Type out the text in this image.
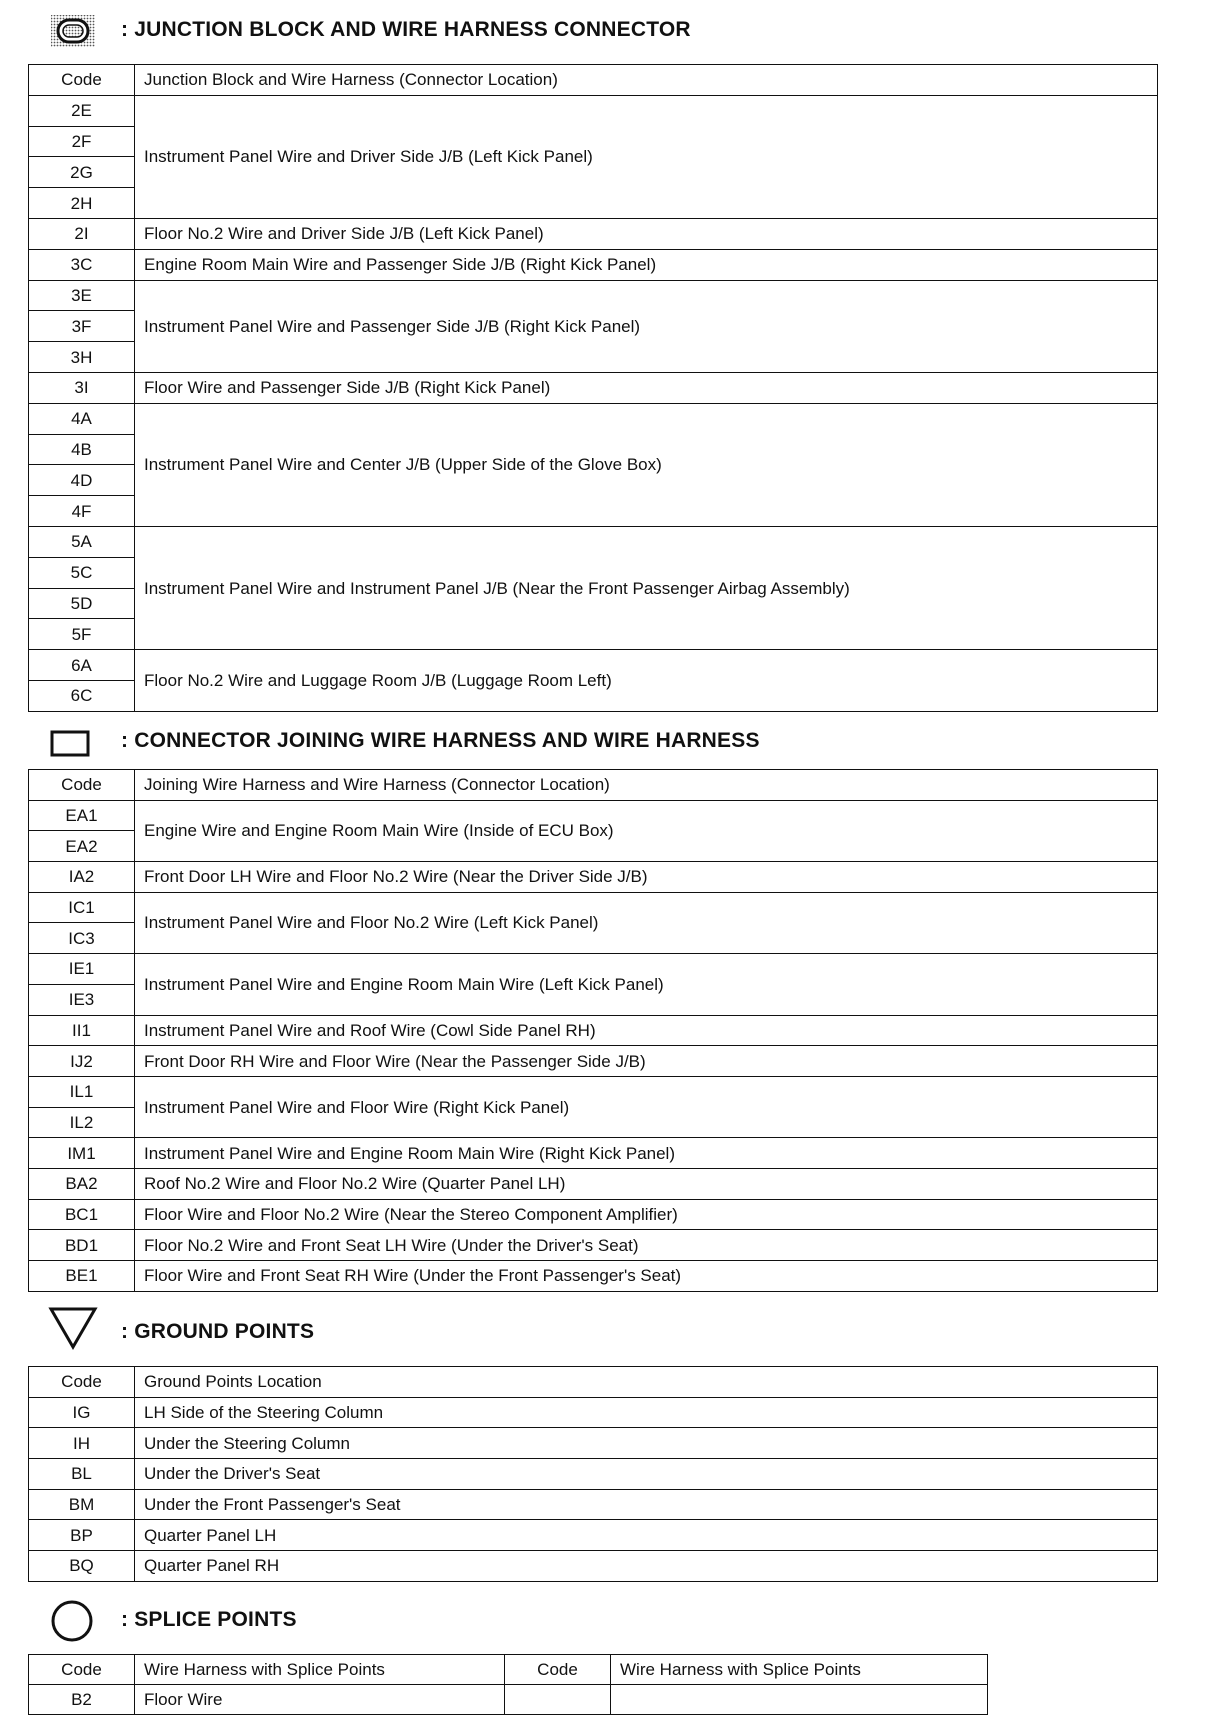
: JUNCTION BLOCK AND WIRE HARNESS CONNECTOR
Code	Junction Block and Wire Harness (Connector Location)
2E	Instrument Panel Wire and Driver Side J/B (Left Kick Panel)
2F	
2G	
2H	
2I	Floor No.2 Wire and Driver Side J/B (Left Kick Panel)
3C	Engine Room Main Wire and Passenger Side J/B (Right Kick Panel)
3E	Instrument Panel Wire and Passenger Side J/B (Right Kick Panel)
3F	
3H	
3I	Floor Wire and Passenger Side J/B (Right Kick Panel)
4A	Instrument Panel Wire and Center J/B (Upper Side of the Glove Box)
4B	
4D	
4F	
5A	Instrument Panel Wire and Instrument Panel J/B (Near the Front Passenger Airbag Assembly)
5C	
5D	
5F	
6A	Floor No.2 Wire and Luggage Room J/B (Luggage Room Left)
6C	
: CONNECTOR JOINING WIRE HARNESS AND WIRE HARNESS
Code	Joining Wire Harness and Wire Harness (Connector Location)
EA1	Engine Wire and Engine Room Main Wire (Inside of ECU Box)
EA2	
IA2	Front Door LH Wire and Floor No.2 Wire (Near the Driver Side J/B)
IC1	Instrument Panel Wire and Floor No.2 Wire (Left Kick Panel)
IC3	
IE1	Instrument Panel Wire and Engine Room Main Wire (Left Kick Panel)
IE3	
II1	Instrument Panel Wire and Roof Wire (Cowl Side Panel RH)
IJ2	Front Door RH Wire and Floor Wire (Near the Passenger Side J/B)
IL1	Instrument Panel Wire and Floor Wire (Right Kick Panel)
IL2	
IM1	Instrument Panel Wire and Engine Room Main Wire (Right Kick Panel)
BA2	Roof No.2 Wire and Floor No.2 Wire (Quarter Panel LH)
BC1	Floor Wire and Floor No.2 Wire (Near the Stereo Component Amplifier)
BD1	Floor No.2 Wire and Front Seat LH Wire (Under the Driver's Seat)
BE1	Floor Wire and Front Seat RH Wire (Under the Front Passenger's Seat)
: GROUND POINTS
Code	Ground Points Location
IG	LH Side of the Steering Column
IH	Under the Steering Column
BL	Under the Driver's Seat
BM	Under the Front Passenger's Seat
BP	Quarter Panel LH
BQ	Quarter Panel RH
: SPLICE POINTS
Code	Wire Harness with Splice Points	Code	Wire Harness with Splice Points
B2	Floor Wire		
